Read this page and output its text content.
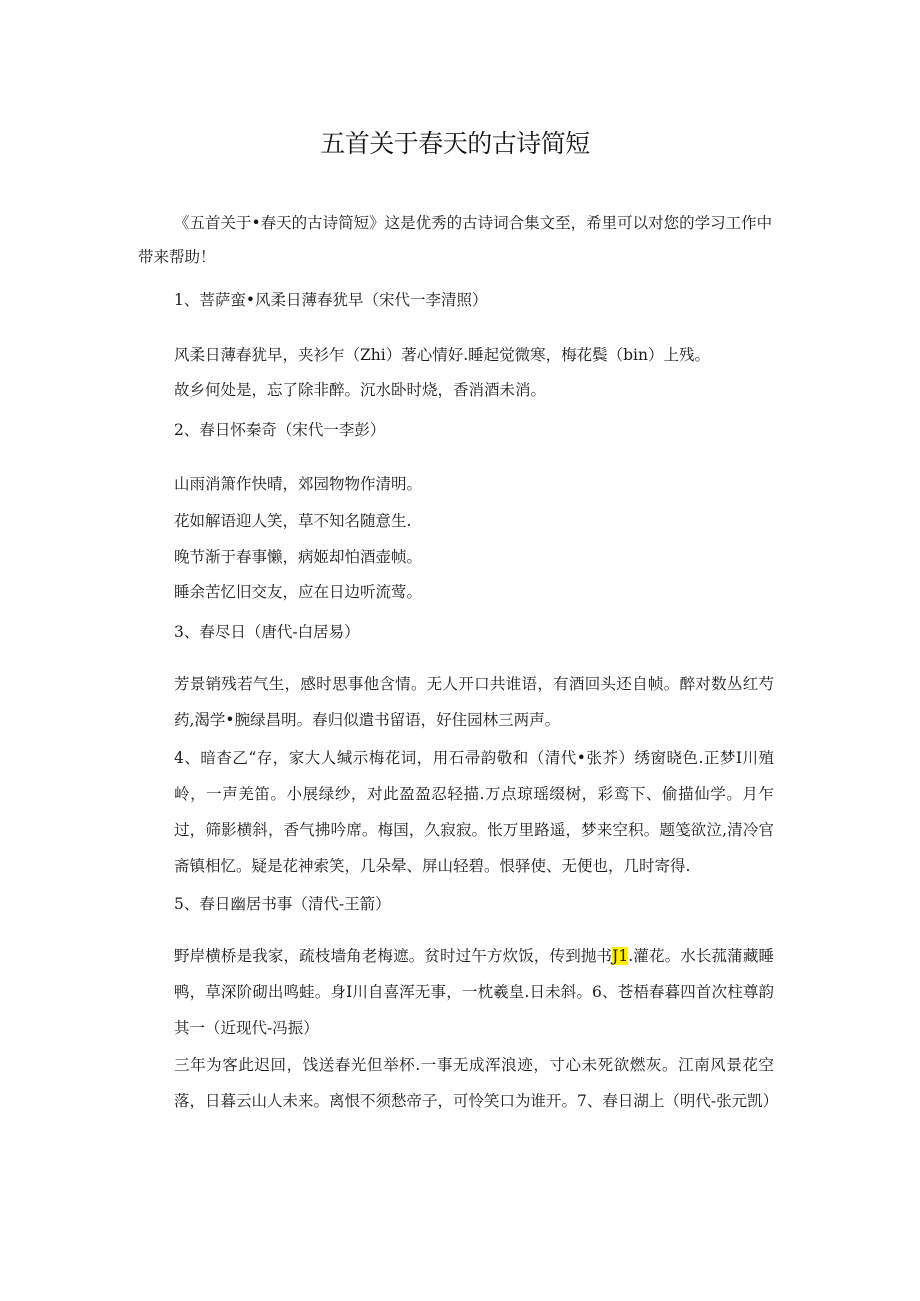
五首关于春天的古诗简短

《五首关于•春天的古诗简短》这是优秀的古诗词合集文至，希里可以对您的学习工作中带来帮助！

1、菩萨蛮•风柔日薄春犹早（宋代一李清照）

风柔日薄春犹早，夹衫乍（Zhi）著心情好.睡起觉微寒，梅花鬓（bin）上残。

故乡何处是，忘了除非醉。沉水卧时烧，香消酒未消。

2、春日怀秦奇（宋代一李彭）

山雨消箫作快晴，郊园物物作清明。

花如解语迎人笑，草不知名随意生.

晚节渐于春事懒，病姬却怕酒壶帧。

睡余苦忆旧交友，应在日边听流莺。

3、春尽日（唐代-白居易）

芳景销残若气生，感时思事他含情。无人开口共谁语，有酒回头还自帧。醉对数丛红芍药,渴学•腕绿昌明。春归似遣书留语，好住园林三两声。

4、暗杳乙“存，家大人缄示梅花词，用石帚韵敬和（清代•张芥）绣窗晓色.正梦I川殖岭，一声羌笛。小展绿纱，对此盈盈忍轻描.万点琼瑶缀树，彩鸾下、偷描仙学。月乍过，筛影横斜，香气拂吟席。梅国，久寂寂。怅万里路遥，梦来空积。题笺欲泣,清冷官斋镇相忆。疑是花神索笑，几朵晕、屏山轻碧。恨驿使、无便也，几时寄得.

5、春日幽居书事（清代-王箭）

野岸横桥是我家，疏枝墙角老梅遮。贫时过午方炊饭，传到抛书J1.灌花。水长菰蒲藏睡鸭，草深阶砌出鸣蛙。身I川自喜浑无事，一枕羲皇.日未斜。6、苍梧春暮四首次柱尊韵其一（近现代-冯振）

三年为客此迟回，饯送春光但举杯.一事无成浑浪迹，寸心未死欲燃灰。江南风景花空落，日暮云山人未来。离恨不须愁帝子，可怜笑口为谁开。7、春日湖上（明代-张元凯）
